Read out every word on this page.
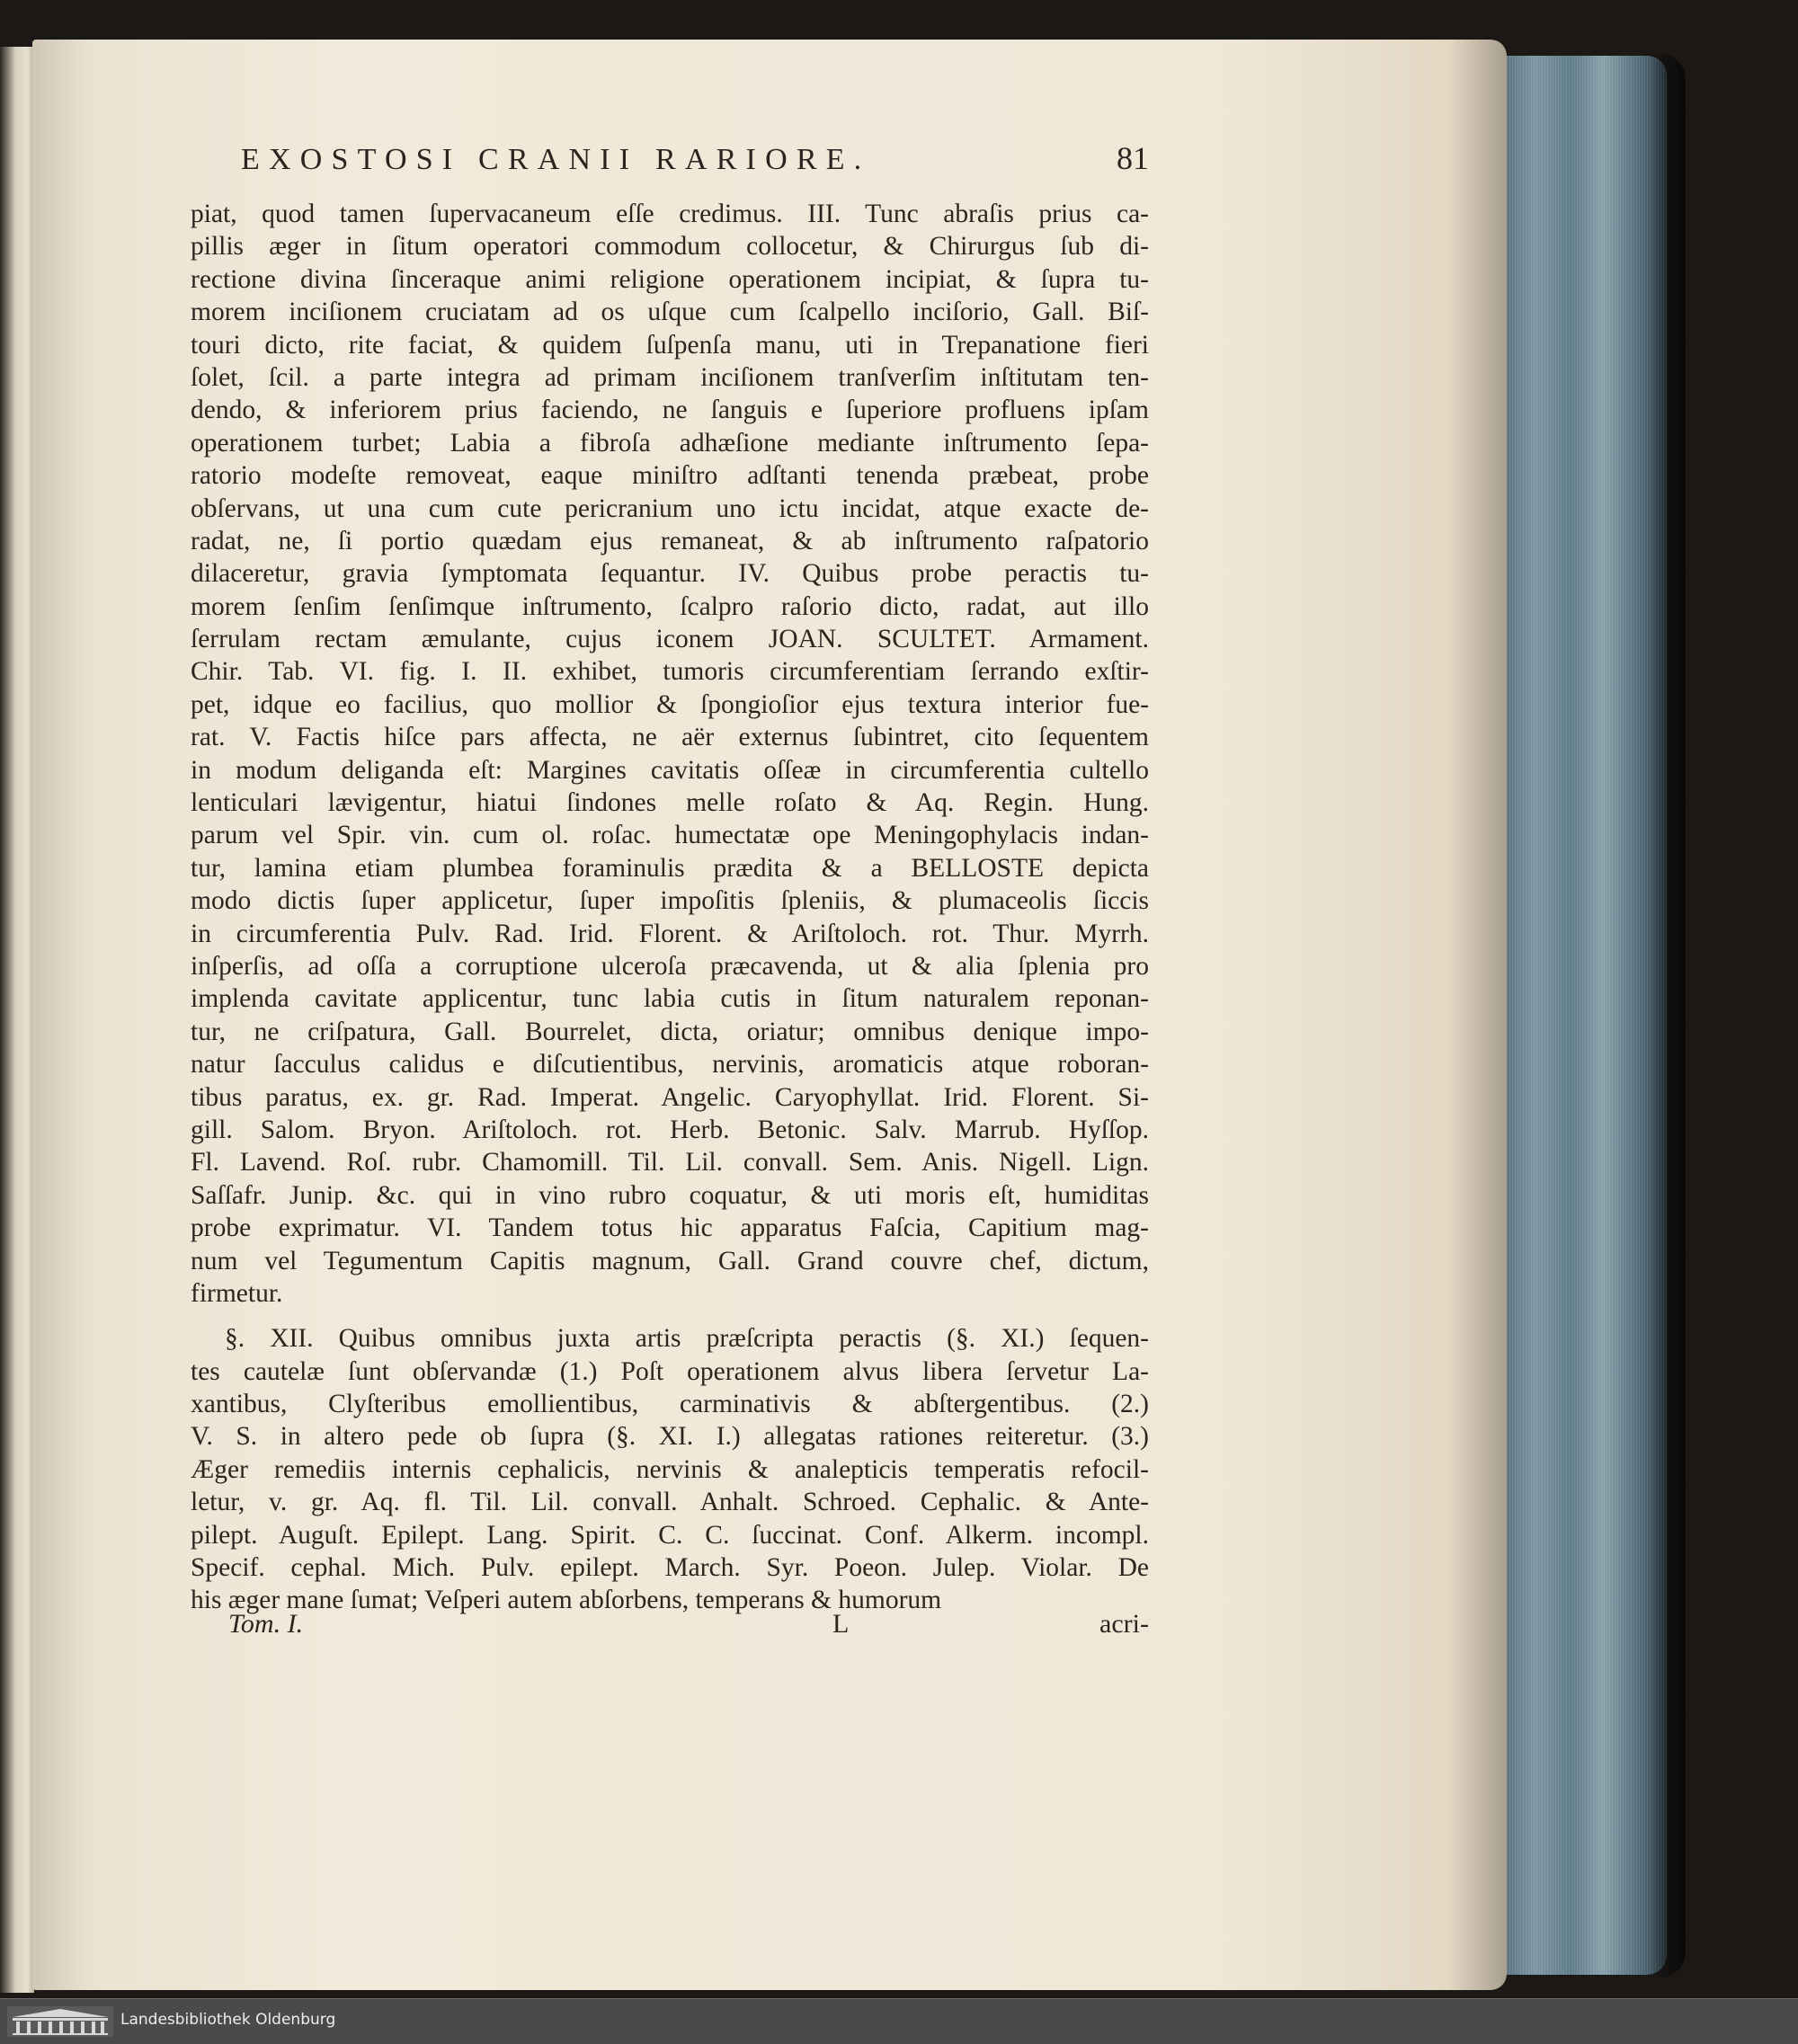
EXOSTOSI CRANII RARIORE.	81
piat, quod tamen ſupervacaneum eſſe credimus. III. Tunc abraſis prius ca-
pillis æger in ſitum operatori commodum collocetur, & Chirurgus ſub di-
rectione divina ſinceraque animi religione operationem incipiat, & ſupra tu-
morem inciſionem cruciatam ad os uſque cum ſcalpello inciſorio, Gall. Biſ-
touri dicto, rite faciat, & quidem ſuſpenſa manu, uti in Trepanatione fieri
ſolet, ſcil. a parte integra ad primam inciſionem tranſverſim inſtitutam ten-
dendo, & inferiorem prius faciendo, ne ſanguis e ſuperiore profluens ipſam
operationem turbet; Labia a fibroſa adhæſione mediante inſtrumento ſepa-
ratorio modeſte removeat, eaque miniſtro adſtanti tenenda præbeat, probe
obſervans, ut una cum cute pericranium uno ictu incidat, atque exacte de-
radat, ne, ſi portio quædam ejus remaneat, & ab inſtrumento raſpatorio
dilaceretur, gravia ſymptomata ſequantur. IV. Quibus probe peractis tu-
morem ſenſim ſenſimque inſtrumento, ſcalpro raſorio dicto, radat, aut illo
ſerrulam rectam æmulante, cujus iconem JOAN. SCULTET. Armament.
Chir. Tab. VI. fig. I. II. exhibet, tumoris circumferentiam ſerrando exſtir-
pet, idque eo facilius, quo mollior & ſpongioſior ejus textura interior fue-
rat. V. Factis hiſce pars affecta, ne aër externus ſubintret, cito ſequentem
in modum deliganda eſt: Margines cavitatis oſſeæ in circumferentia cultello
lenticulari lævigentur, hiatui ſindones melle roſato & Aq. Regin. Hung.
parum vel Spir. vin. cum ol. roſac. humectatæ ope Meningophylacis indan-
tur, lamina etiam plumbea foraminulis prædita & a BELLOSTE depicta
modo dictis ſuper applicetur, ſuper impoſitis ſpleniis, & plumaceolis ſiccis
in circumferentia Pulv. Rad. Irid. Florent. & Ariſtoloch. rot. Thur. Myrrh.
inſperſis, ad oſſa a corruptione ulceroſa præcavenda, ut & alia ſplenia pro
implenda cavitate applicentur, tunc labia cutis in ſitum naturalem reponan-
tur, ne criſpatura, Gall. Bourrelet, dicta, oriatur; omnibus denique impo-
natur ſacculus calidus e diſcutientibus, nervinis, aromaticis atque roboran-
tibus paratus, ex. gr. Rad. Imperat. Angelic. Caryophyllat. Irid. Florent. Si-
gill. Salom. Bryon. Ariſtoloch. rot. Herb. Betonic. Salv. Marrub. Hyſſop.
Fl. Lavend. Roſ. rubr. Chamomill. Til. Lil. convall. Sem. Anis. Nigell. Lign.
Saſſafr. Junip. &c. qui in vino rubro coquatur, & uti moris eſt, humiditas
probe exprimatur. VI. Tandem totus hic apparatus Faſcia, Capitium mag-
num vel Tegumentum Capitis magnum, Gall. Grand couvre chef, dictum,
firmetur.
§. XII. Quibus omnibus juxta artis præſcripta peractis (§. XI.) ſequen-
tes cautelæ ſunt obſervandæ (1.) Poſt operationem alvus libera ſervetur La-
xantibus, Clyſteribus emollientibus, carminativis & abſtergentibus. (2.)
V. S. in altero pede ob ſupra (§. XI. I.) allegatas rationes reiteretur. (3.)
Æger remediis internis cephalicis, nervinis & analepticis temperatis refocil-
letur, v. gr. Aq. fl. Til. Lil. convall. Anhalt. Schroed. Cephalic. & Ante-
pilept. Auguſt. Epilept. Lang. Spirit. C. C. ſuccinat. Conf. Alkerm. incompl.
Specif. cephal. Mich. Pulv. epilept. March. Syr. Poeon. Julep. Violar. De
his æger mane ſumat; Veſperi autem abſorbens, temperans & humorum
Tom. I.	L	acri-
Landesbibliothek Oldenburg
